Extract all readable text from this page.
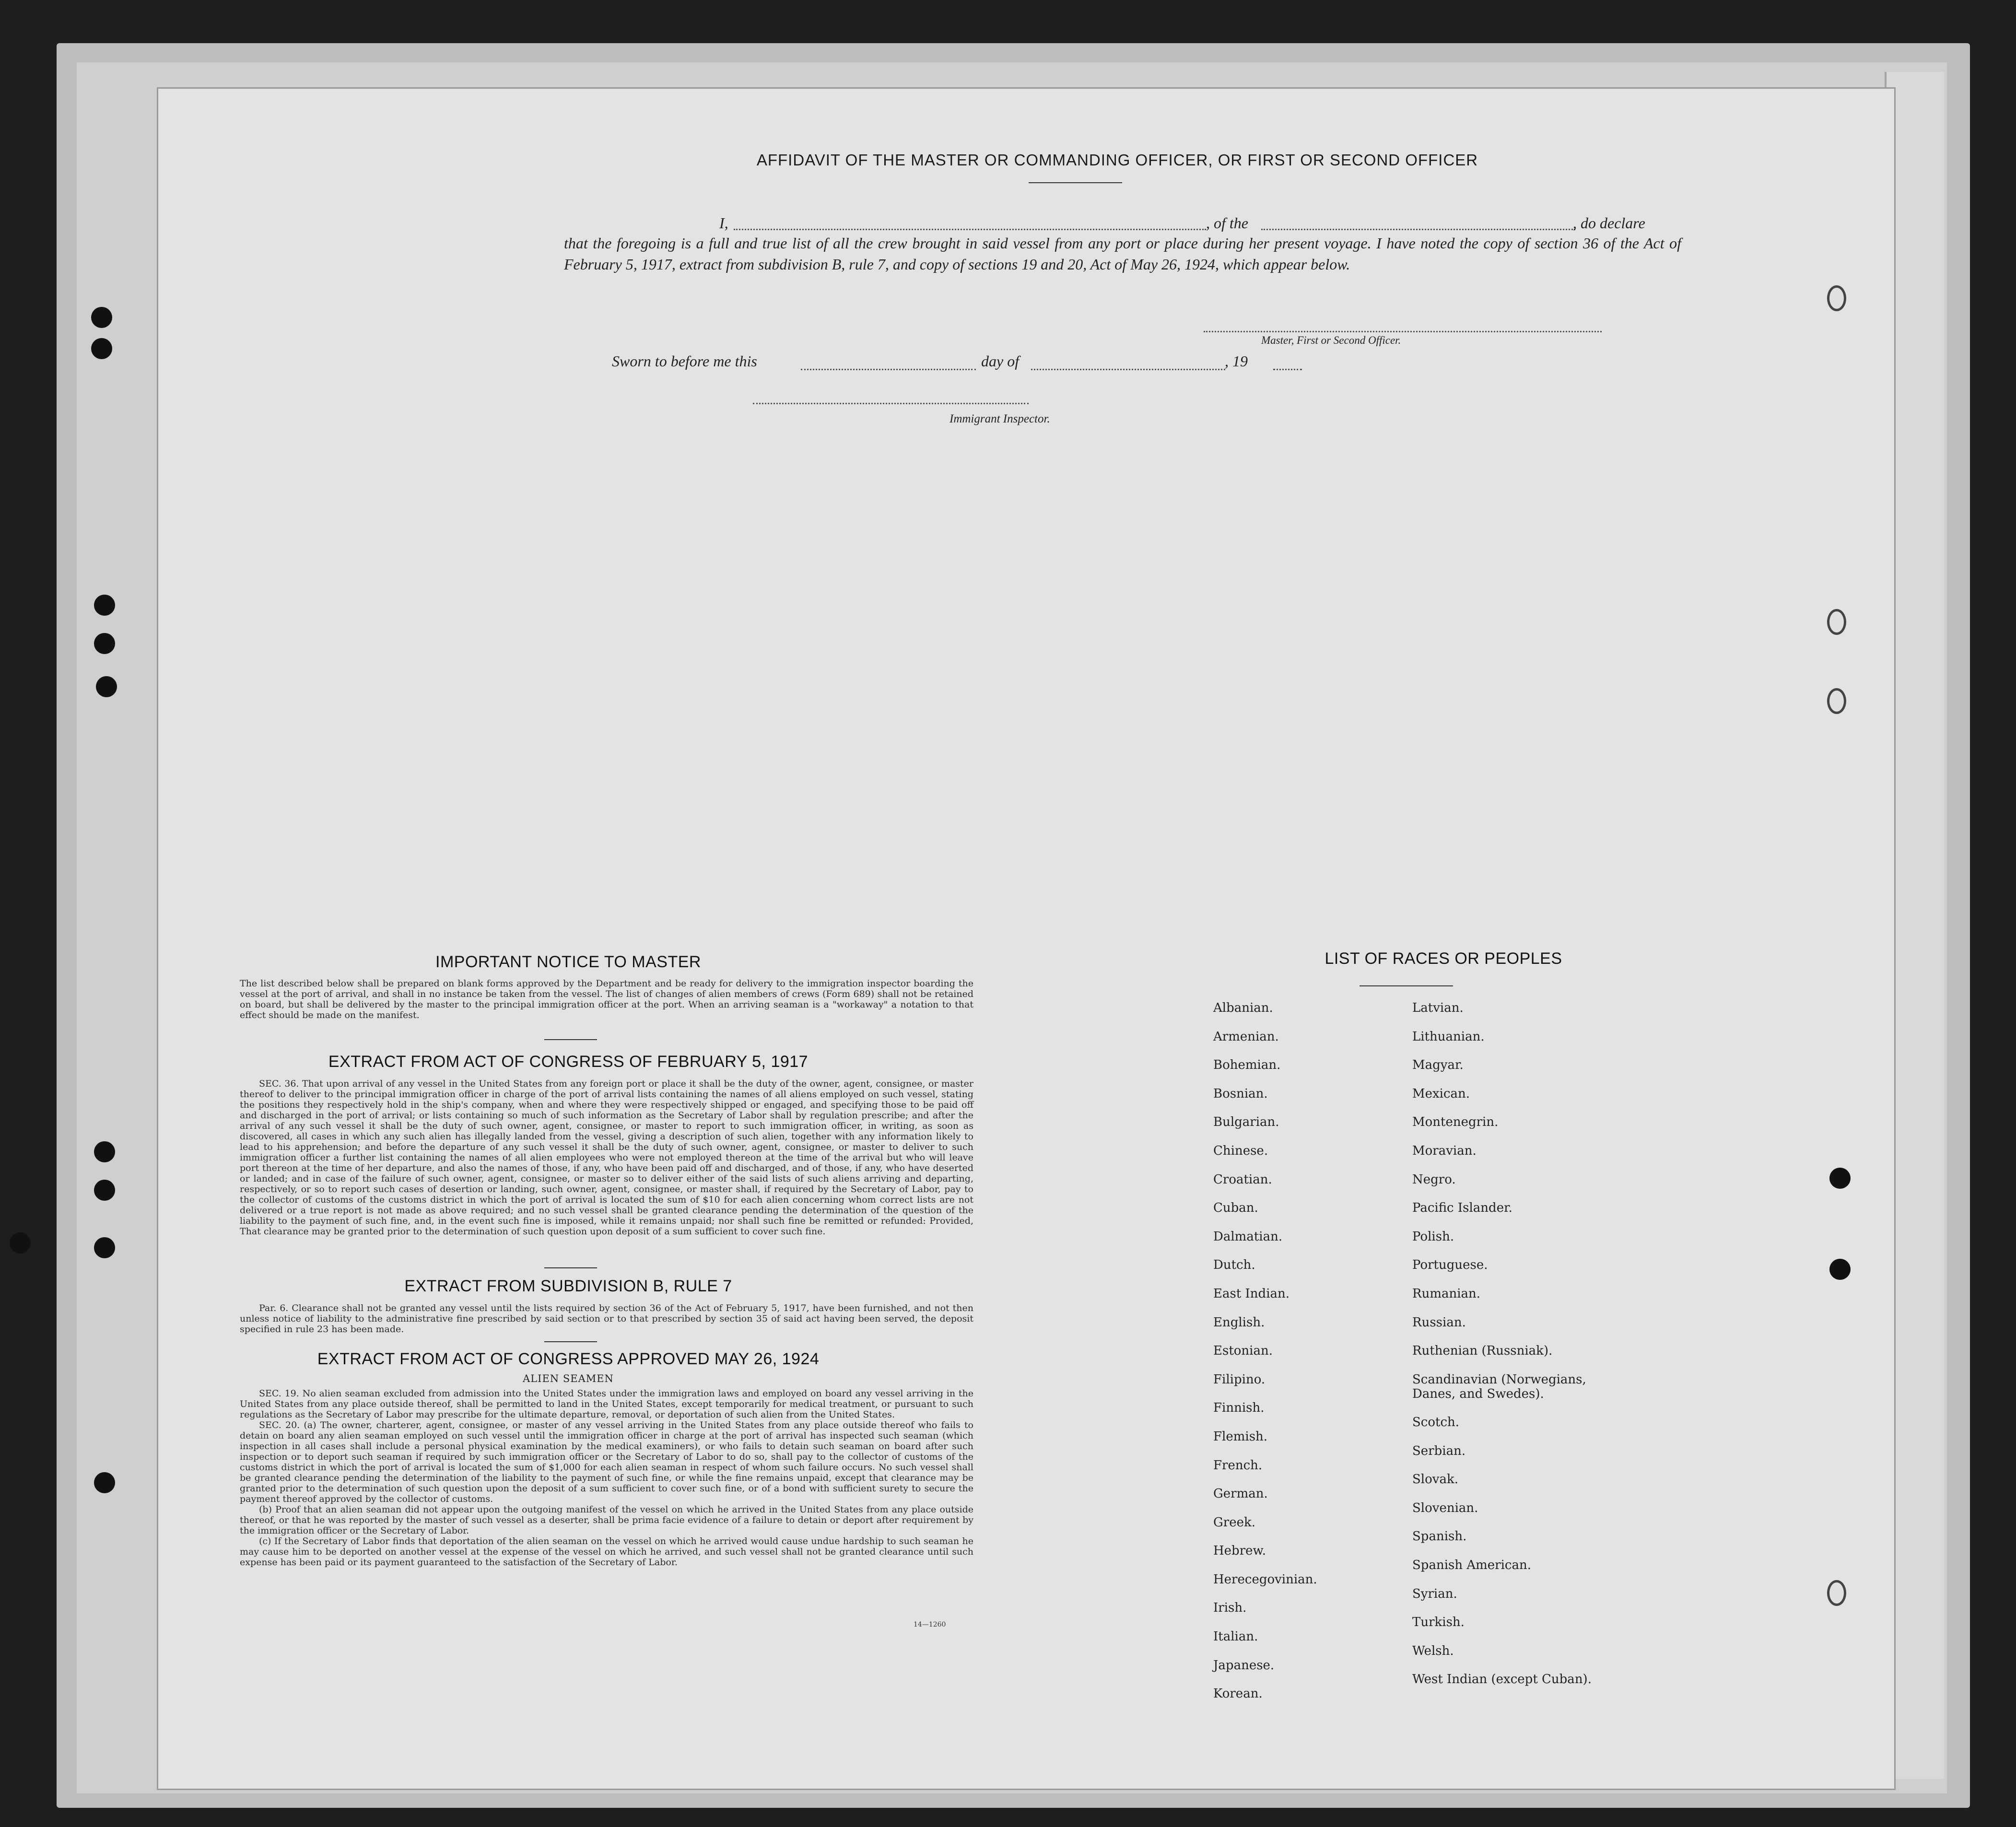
AFFIDAVIT OF THE MASTER OR COMMANDING OFFICER, OR FIRST OR SECOND OFFICER
I,	, of the	, do declare
that the foregoing is a full and true list of all the crew brought in said vessel from any port or place during her present voyage. I have noted the copy of section 36 of the Act of February 5, 1917, extract from subdivision B, rule 7, and copy of sections 19 and 20, Act of May 26, 1924, which appear below.
Master, First or Second Officer.
Sworn to before me this	day of	, 19
Immigrant Inspector.
IMPORTANT NOTICE TO MASTER
The list described below shall be prepared on blank forms approved by the Department and be ready for delivery to the immigration inspector boarding the vessel at the port of arrival, and shall in no instance be taken from the vessel. The list of changes of alien members of crews (Form 689) shall not be retained on board, but shall be delivered by the master to the principal immigration officer at the port. When an arriving seaman is a "workaway" a notation to that effect should be made on the manifest.
EXTRACT FROM ACT OF CONGRESS OF FEBRUARY 5, 1917
SEC. 36. That upon arrival of any vessel in the United States from any foreign port or place it shall be the duty of the owner, agent, consignee, or master thereof to deliver to the principal immigration officer in charge of the port of arrival lists containing the names of all aliens employed on such vessel, stating the positions they respectively hold in the ship's company, when and where they were respectively shipped or engaged, and specifying those to be paid off and discharged in the port of arrival; or lists containing so much of such information as the Secretary of Labor shall by regulation prescribe; and after the arrival of any such vessel it shall be the duty of such owner, agent, consignee, or master to report to such immigration officer, in writing, as soon as discovered, all cases in which any such alien has illegally landed from the vessel, giving a description of such alien, together with any information likely to lead to his apprehension; and before the departure of any such vessel it shall be the duty of such owner, agent, consignee, or master to deliver to such immigration officer a further list containing the names of all alien employees who were not employed thereon at the time of the arrival but who will leave port thereon at the time of her departure, and also the names of those, if any, who have been paid off and discharged, and of those, if any, who have deserted or landed; and in case of the failure of such owner, agent, consignee, or master so to deliver either of the said lists of such aliens arriving and departing, respectively, or so to report such cases of desertion or landing, such owner, agent, consignee, or master shall, if required by the Secretary of Labor, pay to the collector of customs of the customs district in which the port of arrival is located the sum of $10 for each alien concerning whom correct lists are not delivered or a true report is not made as above required; and no such vessel shall be granted clearance pending the determination of the question of the liability to the payment of such fine, and, in the event such fine is imposed, while it remains unpaid; nor shall such fine be remitted or refunded: Provided, That clearance may be granted prior to the determination of such question upon deposit of a sum sufficient to cover such fine.
EXTRACT FROM SUBDIVISION B, RULE 7
Par. 6. Clearance shall not be granted any vessel until the lists required by section 36 of the Act of February 5, 1917, have been furnished, and not then unless notice of liability to the administrative fine prescribed by said section or to that prescribed by section 35 of said act having been served, the deposit specified in rule 23 has been made.
EXTRACT FROM ACT OF CONGRESS APPROVED MAY 26, 1924
ALIEN SEAMEN
SEC. 19. No alien seaman excluded from admission into the United States under the immigration laws and employed on board any vessel arriving in the United States from any place outside thereof, shall be permitted to land in the United States, except temporarily for medical treatment, or pursuant to such regulations as the Secretary of Labor may prescribe for the ultimate departure, removal, or deportation of such alien from the United States.
SEC. 20. (a) The owner, charterer, agent, consignee, or master of any vessel arriving in the United States from any place outside thereof who fails to detain on board any alien seaman employed on such vessel until the immigration officer in charge at the port of arrival has inspected such seaman (which inspection in all cases shall include a personal physical examination by the medical examiners), or who fails to detain such seaman on board after such inspection or to deport such seaman if required by such immigration officer or the Secretary of Labor to do so, shall pay to the collector of customs of the customs district in which the port of arrival is located the sum of $1,000 for each alien seaman in respect of whom such failure occurs. No such vessel shall be granted clearance pending the determination of the liability to the payment of such fine, or while the fine remains unpaid, except that clearance may be granted prior to the determination of such question upon the deposit of a sum sufficient to cover such fine, or of a bond with sufficient surety to secure the payment thereof approved by the collector of customs.
(b) Proof that an alien seaman did not appear upon the outgoing manifest of the vessel on which he arrived in the United States from any place outside thereof, or that he was reported by the master of such vessel as a deserter, shall be prima facie evidence of a failure to detain or deport after requirement by the immigration officer or the Secretary of Labor.
(c) If the Secretary of Labor finds that deportation of the alien seaman on the vessel on which he arrived would cause undue hardship to such seaman he may cause him to be deported on another vessel at the expense of the vessel on which he arrived, and such vessel shall not be granted clearance until such expense has been paid or its payment guaranteed to the satisfaction of the Secretary of Labor.
14—1260
LIST OF RACES OR PEOPLES
Albanian.
Armenian.
Bohemian.
Bosnian.
Bulgarian.
Chinese.
Croatian.
Cuban.
Dalmatian.
Dutch.
East Indian.
English.
Estonian.
Filipino.
Finnish.
Flemish.
French.
German.
Greek.
Hebrew.
Herecegovinian.
Irish.
Italian.
Japanese.
Korean.
Latvian.
Lithuanian.
Magyar.
Mexican.
Montenegrin.
Moravian.
Negro.
Pacific Islander.
Polish.
Portuguese.
Rumanian.
Russian.
Ruthenian (Russniak).
Scandinavian (Norwegians, Danes, and Swedes).
Scotch.
Serbian.
Slovak.
Slovenian.
Spanish.
Spanish American.
Syrian.
Turkish.
Welsh.
West Indian (except Cuban).
